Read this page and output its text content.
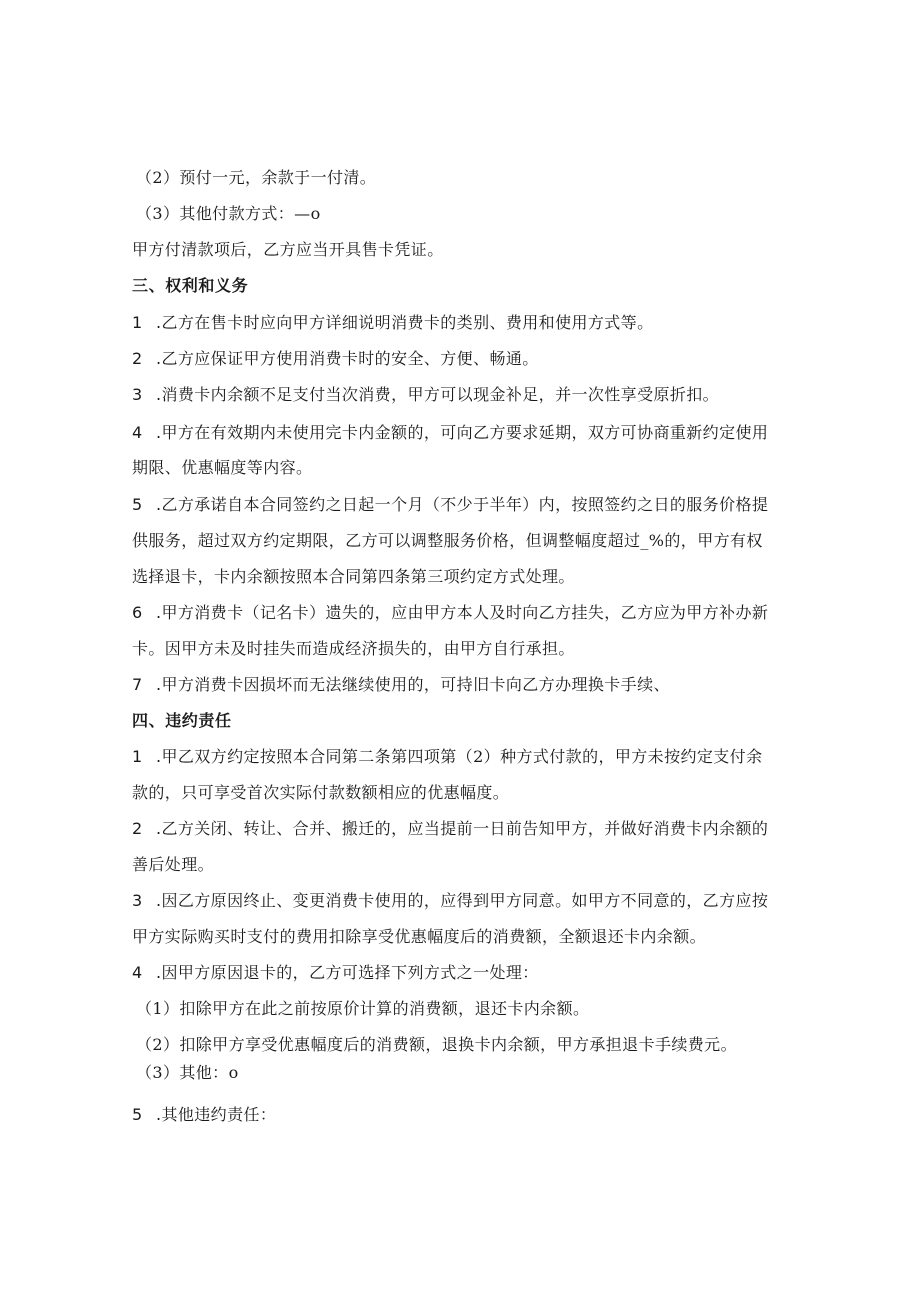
（2）预付一元，余款于一付清。
（3）其他付款方式：—o
甲方付清款项后，乙方应当开具售卡凭证。
三、权利和义务
1 .乙方在售卡时应向甲方详细说明消费卡的类别、费用和使用方式等。
2 .乙方应保证甲方使用消费卡时的安全、方便、畅通。
3 .消费卡内余额不足支付当次消费，甲方可以现金补足，并一次性享受原折扣。
4 .甲方在有效期内未使用完卡内金额的，可向乙方要求延期，双方可协商重新约定使用
期限、优惠幅度等内容。
5 .乙方承诺自本合同签约之日起一个月（不少于半年）内，按照签约之日的服务价格提
供服务，超过双方约定期限，乙方可以调整服务价格，但调整幅度超过_%的，甲方有权
选择退卡，卡内余额按照本合同第四条第三项约定方式处理。
6 .甲方消费卡（记名卡）遗失的，应由甲方本人及时向乙方挂失，乙方应为甲方补办新
卡。因甲方未及时挂失而造成经济损失的，由甲方自行承担。
7 .甲方消费卡因损坏而无法继续使用的，可持旧卡向乙方办理换卡手续、
四、违约责任
1 .甲乙双方约定按照本合同第二条第四项第（2）种方式付款的，甲方未按约定支付余
款的，只可享受首次实际付款数额相应的优惠幅度。
2 .乙方关闭、转让、合并、搬迁的，应当提前一日前告知甲方，并做好消费卡内余额的
善后处理。
3 .因乙方原因终止、变更消费卡使用的，应得到甲方同意。如甲方不同意的，乙方应按
甲方实际购买时支付的费用扣除享受优惠幅度后的消费额，全额退还卡内余额。
4 .因甲方原因退卡的，乙方可选择下列方式之一处理：
（1）扣除甲方在此之前按原价计算的消费额，退还卡内余额。
（2）扣除甲方享受优惠幅度后的消费额，退换卡内余额，甲方承担退卡手续费元。
（3）其他：o
5 .其他违约责任：
